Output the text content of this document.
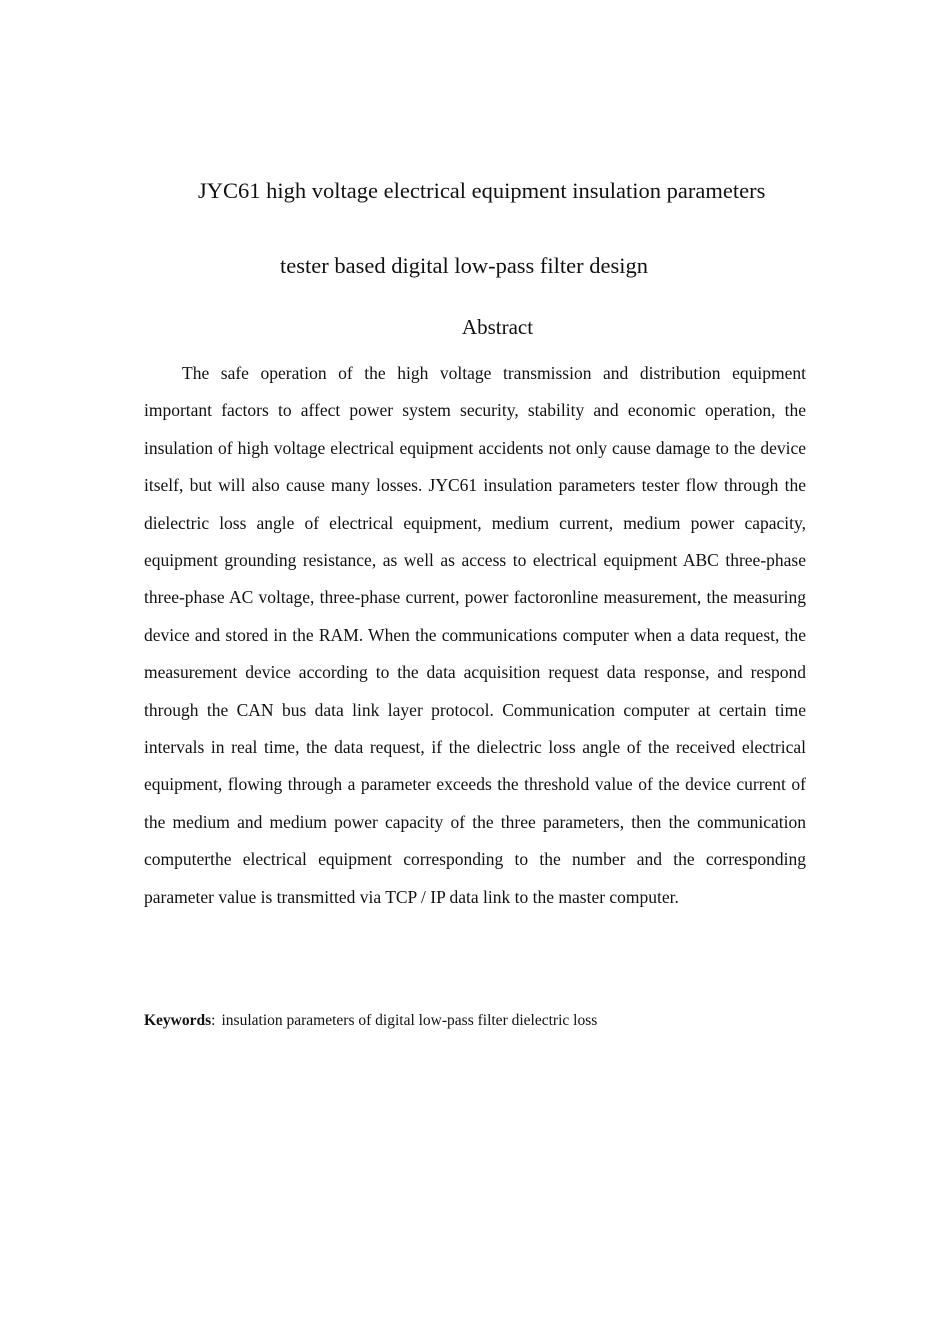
JYC61 high voltage electrical equipment insulation parameters
tester based digital low-pass filter design
Abstract

The safe operation of the high voltage transmission and distribution equipment important factors to affect power system security, stability and economic operation, the insulation of high voltage electrical equipment accidents not only cause damage to the device itself, but will also cause many losses. JYC61 insulation parameters tester flow through the dielectric loss angle of electrical equipment, medium current, medium power capacity, equipment grounding resistance, as well as access to electrical equipment ABC three-phase three-phase AC voltage, three-phase current, power factoronline measurement, the measuring device and stored in the RAM. When the communications computer when a data request, the measurement device according to the data acquisition request data response, and respond through the CAN bus data link layer protocol. Communication computer at certain time intervals in real time, the data request, if the dielectric loss angle of the received electrical equipment, flowing through a parameter exceeds the threshold value of the device current of the medium and medium power capacity of the three parameters, then the communication computerthe electrical equipment corresponding to the number and the corresponding parameter value is transmitted via TCP / IP data link to the master computer.

Keywords: insulation parameters of digital low-pass filter dielectric loss
